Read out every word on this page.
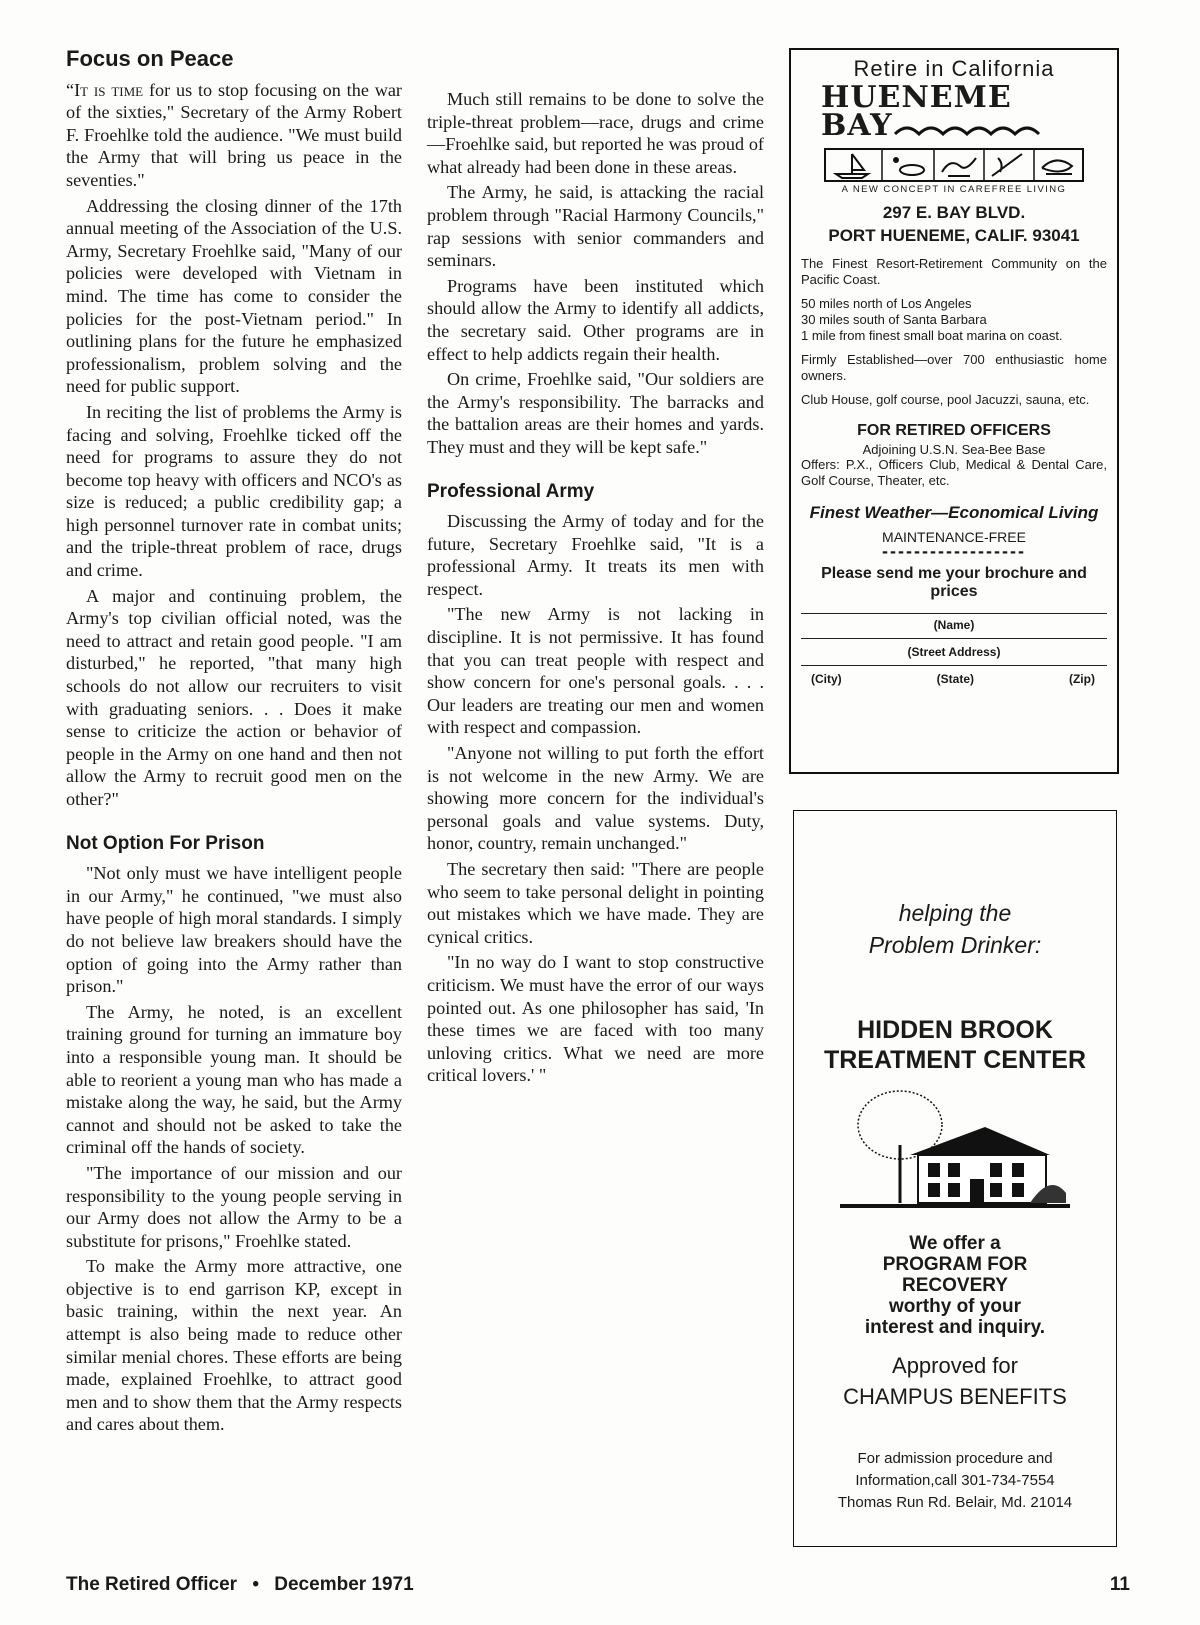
Focus on Peace

“It is time for us to stop focusing on the war of the sixties," Secretary of the Army Robert F. Froehlke told the audience. "We must build the Army that will bring us peace in the seventies."

Addressing the closing dinner of the 17th annual meeting of the Association of the U.S. Army, Secretary Froehlke said, "Many of our policies were developed with Vietnam in mind. The time has come to consider the policies for the post-Vietnam period." In outlining plans for the future he emphasized professionalism, problem solving and the need for public support.

In reciting the list of problems the Army is facing and solving, Froehlke ticked off the need for programs to assure they do not become top heavy with officers and NCO's as size is reduced; a public credibility gap; a high personnel turnover rate in combat units; and the triple-threat problem of race, drugs and crime.

A major and continuing problem, the Army's top civilian official noted, was the need to attract and retain good people. "I am disturbed," he reported, "that many high schools do not allow our recruiters to visit with graduating seniors. . . Does it make sense to criticize the action or behavior of people in the Army on one hand and then not allow the Army to recruit good men on the other?"

Not Option For Prison

"Not only must we have intelligent people in our Army," he continued, "we must also have people of high moral standards. I simply do not believe law breakers should have the option of going into the Army rather than prison."

The Army, he noted, is an excellent training ground for turning an immature boy into a responsible young man. It should be able to reorient a young man who has made a mistake along the way, he said, but the Army cannot and should not be asked to take the criminal off the hands of society.

"The importance of our mission and our responsibility to the young people serving in our Army does not allow the Army to be a substitute for prisons," Froehlke stated.

To make the Army more attractive, one objective is to end garrison KP, except in basic training, within the next year. An attempt is also being made to reduce other similar menial chores. These efforts are being made, explained Froehlke, to attract good men and to show them that the Army respects and cares about them.

Much still remains to be done to solve the triple-threat problem—race, drugs and crime—Froehlke said, but reported he was proud of what already had been done in these areas.

The Army, he said, is attacking the racial problem through "Racial Harmony Councils," rap sessions with senior commanders and seminars.

Programs have been instituted which should allow the Army to identify all addicts, the secretary said. Other programs are in effect to help addicts regain their health.

On crime, Froehlke said, "Our soldiers are the Army's responsibility. The barracks and the battalion areas are their homes and yards. They must and they will be kept safe."

Professional Army

Discussing the Army of today and for the future, Secretary Froehlke said, "It is a professional Army. It treats its men with respect.

"The new Army is not lacking in discipline. It is not permissive. It has found that you can treat people with respect and show concern for one's personal goals. . . . Our leaders are treating our men and women with respect and compassion.

"Anyone not willing to put forth the effort is not welcome in the new Army. We are showing more concern for the individual's personal goals and value systems. Duty, honor, country, remain unchanged."

The secretary then said: "There are people who seem to take personal delight in pointing out mistakes which we have made. They are cynical critics.

"In no way do I want to stop constructive criticism. We must have the error of our ways pointed out. As one philosopher has said, 'In these times we are faced with too many unloving critics. What we need are more critical lovers.' "

Retire in California
HUENEME
BAY
A NEW CONCEPT IN CAREFREE LIVING
297 E. BAY BLVD.
PORT HUENEME, CALIF. 93041
The Finest Resort-Retirement Community on the Pacific Coast.
50 miles north of Los Angeles
30 miles south of Santa Barbara
1 mile from finest small boat marina on coast.
Firmly Established—over 700 enthusiastic home owners.
Club House, golf course, pool Jacuzzi, sauna, etc.
FOR RETIRED OFFICERS
Adjoining U.S.N. Sea-Bee Base
Offers: P.X., Officers Club, Medical & Dental Care, Golf Course, Theater, etc.
Finest Weather—Economical Living
MAINTENANCE-FREE
------------------
Please send me your brochure and prices
(Name)
(Street Address)
(City)	(State)	(Zip)
helping the
Problem Drinker:
HIDDEN BROOK
TREATMENT CENTER
We offer a
PROGRAM FOR
RECOVERY
worthy of your
interest and inquiry.
Approved for
CHAMPUS BENEFITS
For admission procedure and
Information,call 301-734-7554
Thomas Run Rd. Belair, Md. 21014
The Retired Officer • December 1971	11
